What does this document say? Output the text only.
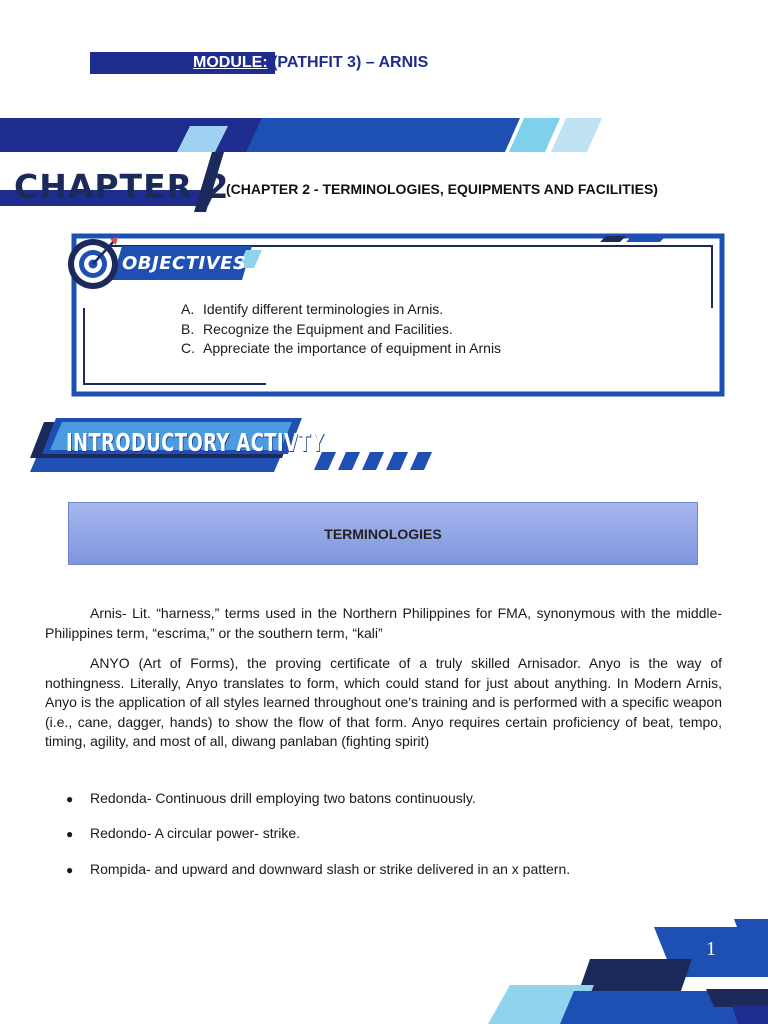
MODULE: (PATHFIT 3) – ARNIS
CHAPTER 2
(CHAPTER 2 - TERMINOLOGIES, EQUIPMENTS AND FACILITIES)
OBJECTIVES
A. Identify different terminologies in Arnis.
B. Recognize the Equipment and Facilities.
C. Appreciate the importance of equipment in Arnis
INTRODUCTORY ACTIVTY
TERMINOLOGIES
Arnis- Lit. “harness,” terms used in the Northern Philippines for FMA, synonymous with the middle- Philippines term, “escrima,” or the southern term, “kali”
ANYO (Art of Forms), the proving certificate of a truly skilled Arnisador. Anyo is the way of nothingness. Literally, Anyo translates to form, which could stand for just about anything. In Modern Arnis, Anyo is the application of all styles learned throughout one's training and is performed with a specific weapon (i.e., cane, dagger, hands) to show the flow of that form. Anyo requires certain proficiency of beat, tempo, timing, agility, and most of all, diwang panlaban (fighting spirit)
● Redonda- Continuous drill employing two batons continuously.
● Redondo- A circular power- strike.
● Rompida- and upward and downward slash or strike delivered in an x pattern.
1
